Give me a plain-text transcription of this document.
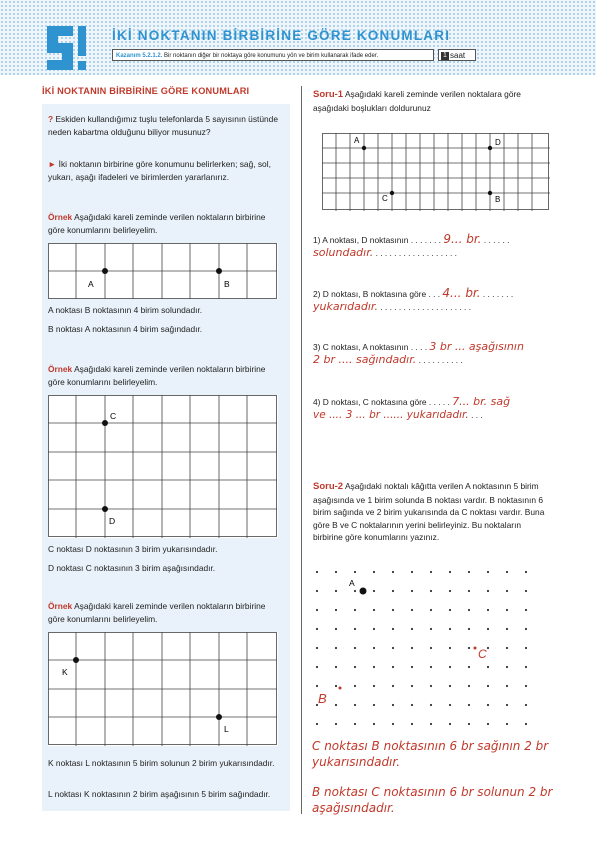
İKİ NOKTANIN BİRBİRİNE GÖRE KONUMLARI
Kazanım 5.2.1.2. Bir noktanın diğer bir noktaya göre konumunu yön ve birim kullanarak ifade eder.	1 saat
İKİ NOKTANIN BİRBİRİNE GÖRE KONUMLARI
? Eskiden kullandığımız tuşlu telefonlarda 5 sayısının üstünde neden kabartma olduğunu biliyor musunuz?
► İki noktanın birbirine göre konumunu belirlerken; sağ, sol, yukarı, aşağı ifadeleri ve birimlerden yararlanırız.
Örnek Aşağıdaki kareli zeminde verilen noktaların birbirine göre konumlarını belirleyelim.
A	B
A noktası B noktasının 4 birim solundadır.
B noktası A noktasının 4 birim sağındadır.
Örnek Aşağıdaki kareli zeminde verilen noktaların birbirine göre konumlarını belirleyelim.
C
D
C noktası D noktasının 3 birim yukarısındadır.
D noktası C noktasının 3 birim aşağısındadır.
Örnek Aşağıdaki kareli zeminde verilen noktaların birbirine göre konumlarını belirleyelim.
K
L
K noktası L noktasının 5 birim solunun 2 birim yukarısındadır.
L noktası K noktasının 2 birim aşağısının 5 birim sağındadır.
Soru-1 Aşağıdaki kareli zeminde verilen noktalara göre aşağıdaki boşlukları doldurunuz
A	D
C	B
1) A noktası, D noktasının . . . . . . . 9... br. . . . . . .
solundadır. . . . . . . . . . . . . . . . . . .
2) D noktası, B noktasına göre . . . 4... br. . . . . . . .
yukarıdadır. . . . . . . . . . . . . . . . . . . . .
3) C noktası, A noktasının . . . . 3 br ... aşağısının
2 br .... sağındadır. . . . . . . . . . .
4) D noktası, C noktasına göre . . . . . 7... br. sağ
ve .... 3 ... br ...... yukarıdadır. . . .
Soru-2 Aşağıdaki noktalı kâğıtta verilen A noktasının 5 birim aşağısında ve 1 birim solunda B noktası vardır. B noktasının 6 birim sağında ve 2 birim yukarısında da C noktası vardır. Buna göre B ve C noktalarının yerini belirleyiniz. Bu noktaların birbirine göre konumlarını yazınız.
A
C
B
C noktası B noktasının 6 br sağının 2 br yukarısındadır.
B noktası C noktasının 6 br solunun 2 br aşağısındadır.
